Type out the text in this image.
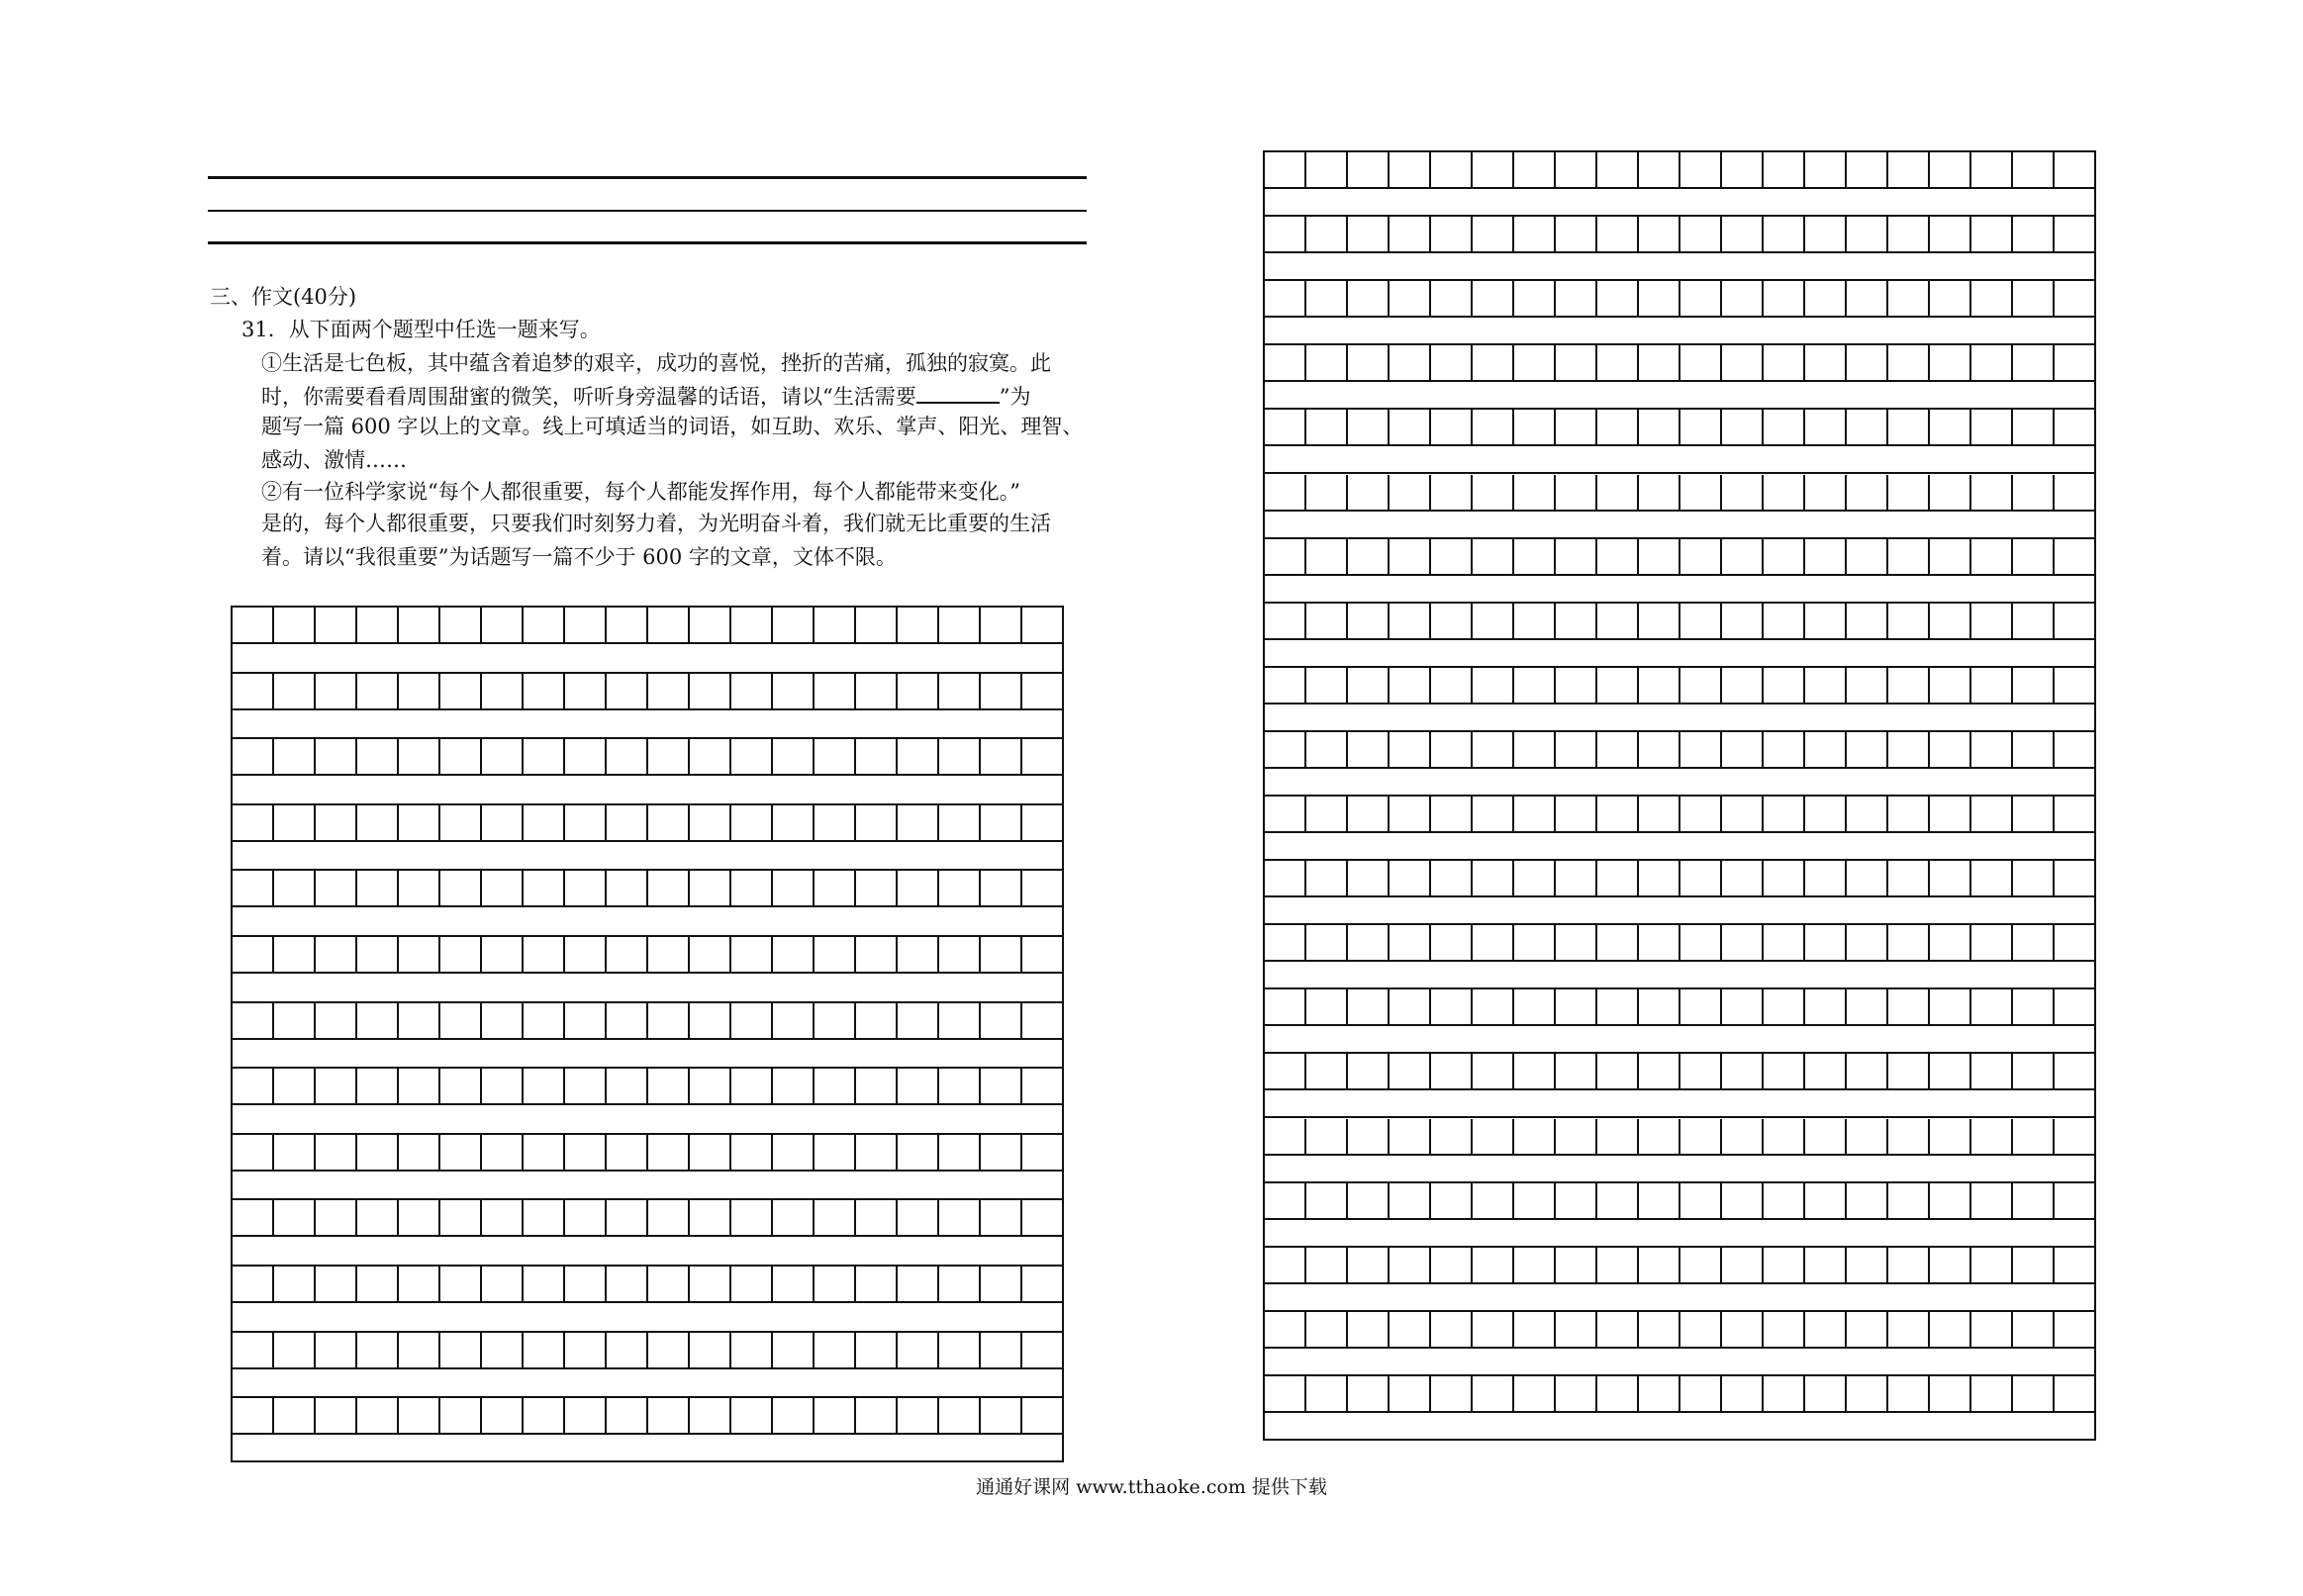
三、作文(40分)
31．从下面两个题型中任选一题来写。
①生活是七色板，其中蕴含着追梦的艰辛，成功的喜悦，挫折的苦痛，孤独的寂寞。此
时，你需要看看周围甜蜜的微笑，听听身旁温馨的话语，请以“生活需要	”为
题写一篇 600 字以上的文章。线上可填适当的词语，如互助、欢乐、掌声、阳光、理智、
感动、激情……
②有一位科学家说“每个人都很重要，每个人都能发挥作用，每个人都能带来变化。”
是的，每个人都很重要，只要我们时刻努力着，为光明奋斗着，我们就无比重要的生活
着。请以“我很重要”为话题写一篇不少于 600 字的文章，文体不限。
通通好课网 www.tthaoke.com 提供下载
